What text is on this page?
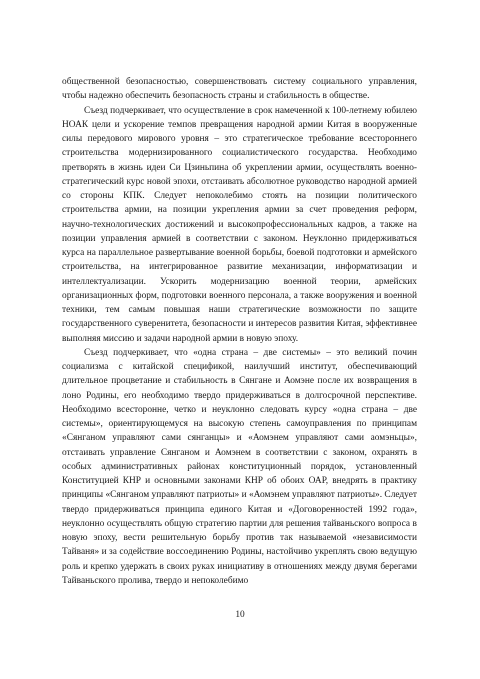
общественной безопасностью, совершенствовать систему социального управления, чтобы надежно обеспечить безопасность страны и стабильность в обществе.

Съезд подчеркивает, что осуществление в срок намеченной к 100-летнему юбилею НОАК цели и ускорение темпов превращения народной армии Китая в вооруженные силы передового мирового уровня – это стратегическое требование всестороннего строительства модернизированного социалистического государства. Необходимо претворять в жизнь идеи Си Цзиньпина об укреплении армии, осуществлять военно-стратегический курс новой эпохи, отстаивать абсолютное руководство народной армией со стороны КПК. Следует непоколебимо стоять на позиции политического строительства армии, на позиции укрепления армии за счет проведения реформ, научно-технологических достижений и высокопрофессиональных кадров, а также на позиции управления армией в соответствии с законом. Неуклонно придерживаться курса на параллельное развертывание военной борьбы, боевой подготовки и армейского строительства, на интегрированное развитие механизации, информатизации и интеллектуализации. Ускорить модернизацию военной теории, армейских организационных форм, подготовки военного персонала, а также вооружения и военной техники, тем самым повышая наши стратегические возможности по защите государственного суверенитета, безопасности и интересов развития Китая, эффективнее выполняя миссию и задачи народной армии в новую эпоху.

Съезд подчеркивает, что «одна страна – две системы» – это великий почин социализма с китайской спецификой, наилучший институт, обеспечивающий длительное процветание и стабильность в Сянгане и Аомэне после их возвращения в лоно Родины, его необходимо твердо придерживаться в долгосрочной перспективе. Необходимо всесторонне, четко и неуклонно следовать курсу «одна страна – две системы», ориентирующемуся на высокую степень самоуправления по принципам «Сянганом управляют сами сянганцы» и «Аомэнем управляют сами аомэньцы», отстаивать управление Сянганом и Аомэнем в соответствии с законом, охранять в особых административных районах конституционный порядок, установленный Конституцией КНР и основными законами КНР об обоих ОАР, внедрять в практику принципы «Сянганом управляют патриоты» и «Аомэнем управляют патриоты». Следует твердо придерживаться принципа единого Китая и «Договоренностей 1992 года», неуклонно осуществлять общую стратегию партии для решения тайваньского вопроса в новую эпоху, вести решительную борьбу против так называемой «независимости Тайваня» и за содействие воссоединению Родины, настойчиво укреплять свою ведущую роль и крепко удержать в своих руках инициативу в отношениях между двумя берегами Тайваньского пролива, твердо и непоколебимо

10
